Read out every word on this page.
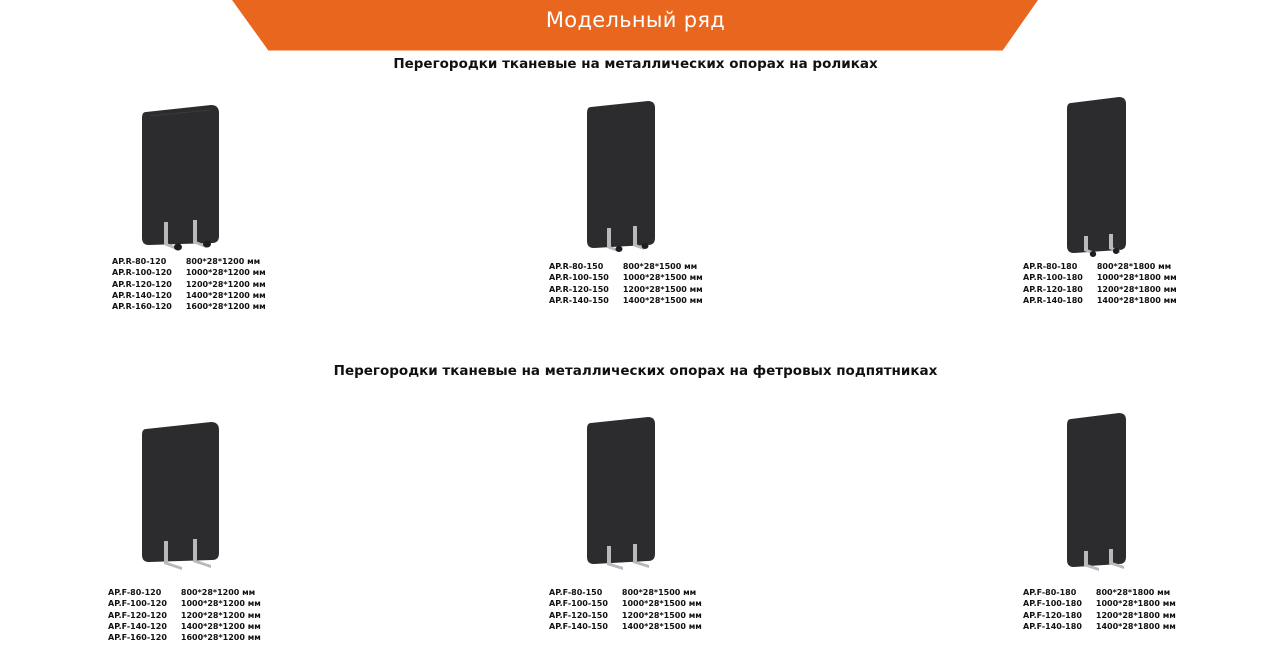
Модельный ряд
Перегородки тканевые на металлических опорах на роликах
AP.R-80-120	800*28*1200 мм
AP.R-100-120	1000*28*1200 мм
AP.R-120-120	1200*28*1200 мм
AP.R-140-120	1400*28*1200 мм
AP.R-160-120	1600*28*1200 мм
AP.R-80-150	800*28*1500 мм
AP.R-100-150	1000*28*1500 мм
AP.R-120-150	1200*28*1500 мм
AP.R-140-150	1400*28*1500 мм
AP.R-80-180	800*28*1800 мм
AP.R-100-180	1000*28*1800 мм
AP.R-120-180	1200*28*1800 мм
AP.R-140-180	1400*28*1800 мм
Перегородки тканевые на металлических опорах на фетровых подпятниках
AP.F-80-120	800*28*1200 мм
AP.F-100-120	1000*28*1200 мм
AP.F-120-120	1200*28*1200 мм
AP.F-140-120	1400*28*1200 мм
AP.F-160-120	1600*28*1200 мм
AP.F-80-150	800*28*1500 мм
AP.F-100-150	1000*28*1500 мм
AP.F-120-150	1200*28*1500 мм
AP.F-140-150	1400*28*1500 мм
AP.F-80-180	800*28*1800 мм
AP.F-100-180	1000*28*1800 мм
AP.F-120-180	1200*28*1800 мм
AP.F-140-180	1400*28*1800 мм
